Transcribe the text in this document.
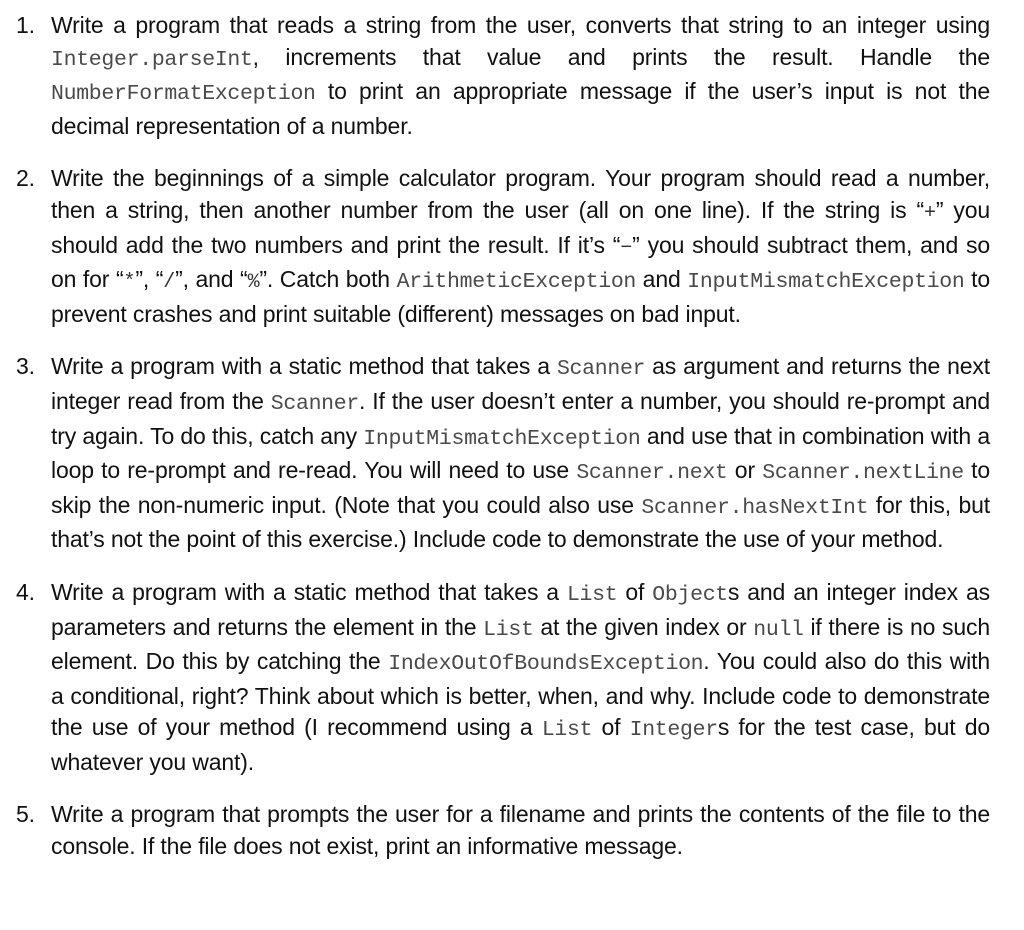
1. Write a program that reads a string from the user, converts that string to an integer using Integer.parseInt, increments that value and prints the result. Handle the NumberFormatException to print an appropriate message if the user’s input is not the decimal representation of a number.
2. Write the beginnings of a simple calculator program. Your program should read a number, then a string, then another number from the user (all on one line). If the string is “+” you should add the two numbers and print the result. If it’s “−” you should subtract them, and so on for “*”, “/”, and “%”. Catch both ArithmeticException and InputMismatchException to prevent crashes and print suitable (different) messages on bad input.
3. Write a program with a static method that takes a Scanner as argument and returns the next integer read from the Scanner. If the user doesn’t enter a number, you should re-prompt and try again. To do this, catch any InputMismatchException and use that in combination with a loop to re-prompt and re-read. You will need to use Scanner.next or Scanner.nextLine to skip the non-numeric input. (Note that you could also use Scanner.hasNextInt for this, but that’s not the point of this exercise.) Include code to demonstrate the use of your method.
4. Write a program with a static method that takes a List of Objects and an integer index as parameters and returns the element in the List at the given index or null if there is no such element. Do this by catching the IndexOutOfBoundsException. You could also do this with a conditional, right? Think about which is better, when, and why. Include code to demonstrate the use of your method (I recommend using a List of Integers for the test case, but do whatever you want).
5. Write a program that prompts the user for a filename and prints the contents of the file to the console. If the file does not exist, print an informative message.
